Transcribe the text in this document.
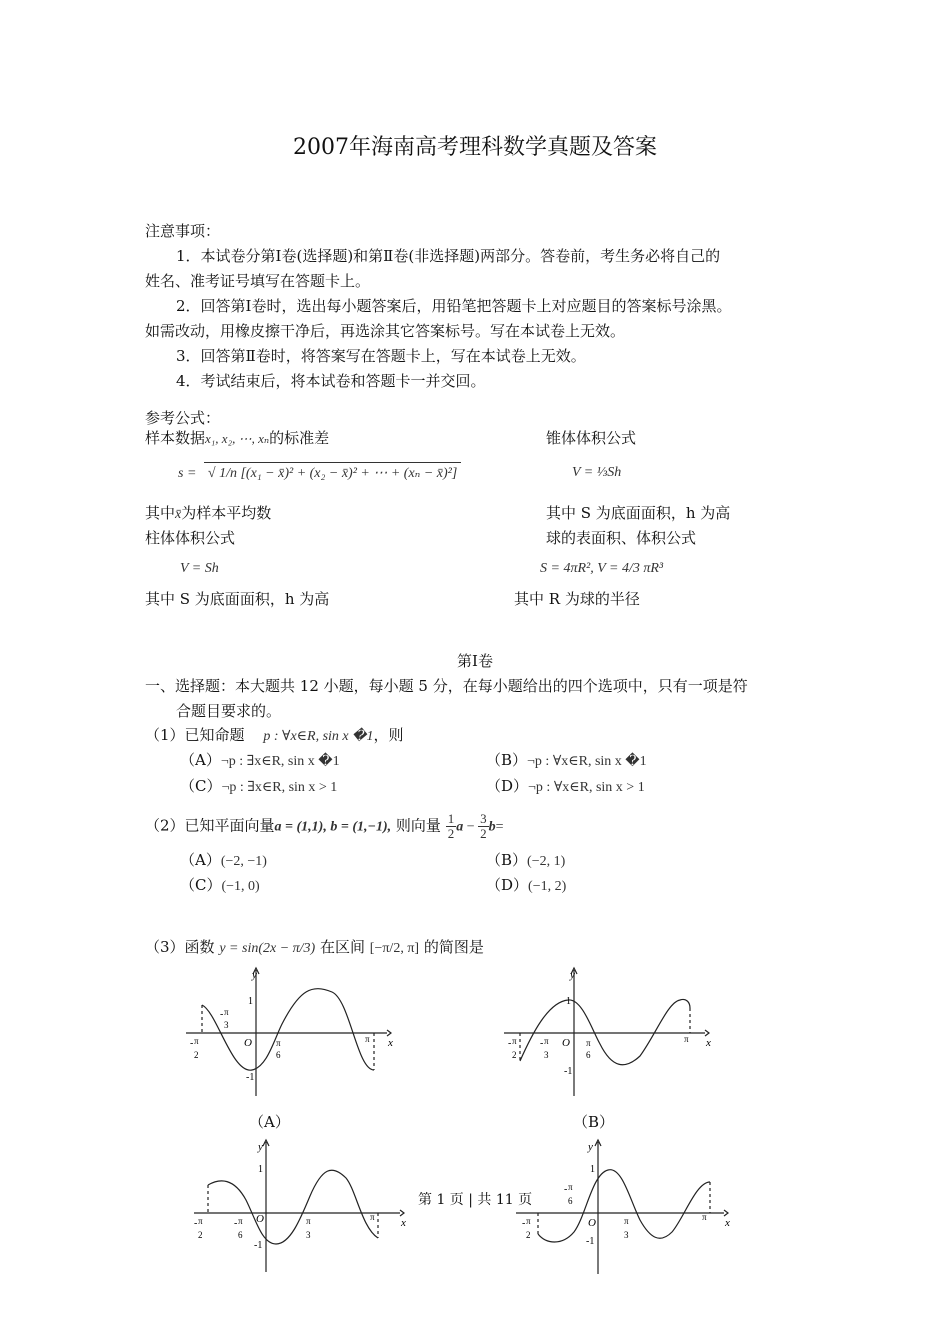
2007年海南高考理科数学真题及答案
注意事项：
1．本试卷分第Ⅰ卷(选择题)和第Ⅱ卷(非选择题)两部分。答卷前，考生务必将自己的
姓名、准考证号填写在答题卡上。
2．回答第Ⅰ卷时，选出每小题答案后，用铅笔把答题卡上对应题目的答案标号涂黑。
如需改动，用橡皮擦干净后，再选涂其它答案标号。写在本试卷上无效。
3．回答第Ⅱ卷时，将答案写在答题卡上，写在本试卷上无效。
4．考试结束后，将本试卷和答题卡一并交回。
参考公式：
样本数据x₁, x₂, ⋯, xₙ的标准差
s = √ 1/n [(x₁ − x̄)² + (x₂ − x̄)² + ⋯ + (xₙ − x̄)²]
其中x̄为样本平均数
柱体体积公式
V = Sh
其中 S 为底面面积，h 为高
锥体体积公式
V = ⅓Sh
其中 S 为底面面积，h 为高
球的表面积、体积公式
S = 4πR², V = 4/3 πR³
其中 R 为球的半径
第Ⅰ卷
一、选择题：本大题共 12 小题，每小题 5 分，在每小题给出的四个选项中，只有一项是符
合题目要求的。
（1）已知命题 p : ∀x∈R, sin x �1，则
（A）¬p : ∃x∈R, sin x �1	（B）¬p : ∀x∈R, sin x �1
（C）¬p : ∃x∈R, sin x > 1	（D）¬p : ∀x∈R, sin x > 1
（2）已知平面向量a = (1,1), b = (1,−1), 则向量 $\frac{1}{2}$ $a - \frac{3}{2} b=$
（A）(−2, −1)	（B）(−2, 1)
（C）(−1, 0)	（D）(−1, 2)
（3）函数 y = sin(2x − π/3) 在区间 [−π/2, π] 的简图是
y
x
O
1
-1
- π
2
- π
3
π
6
π
y
x
O
1
-1
- π
2
- π
3
π
6
π
（A）	（B）
y
x
O
1
-1
- π
2
- π
6
π
3
π
y
x
O
1
-1
- π
2
- π
6
π
3
π
第 1 页 | 共 11 页
